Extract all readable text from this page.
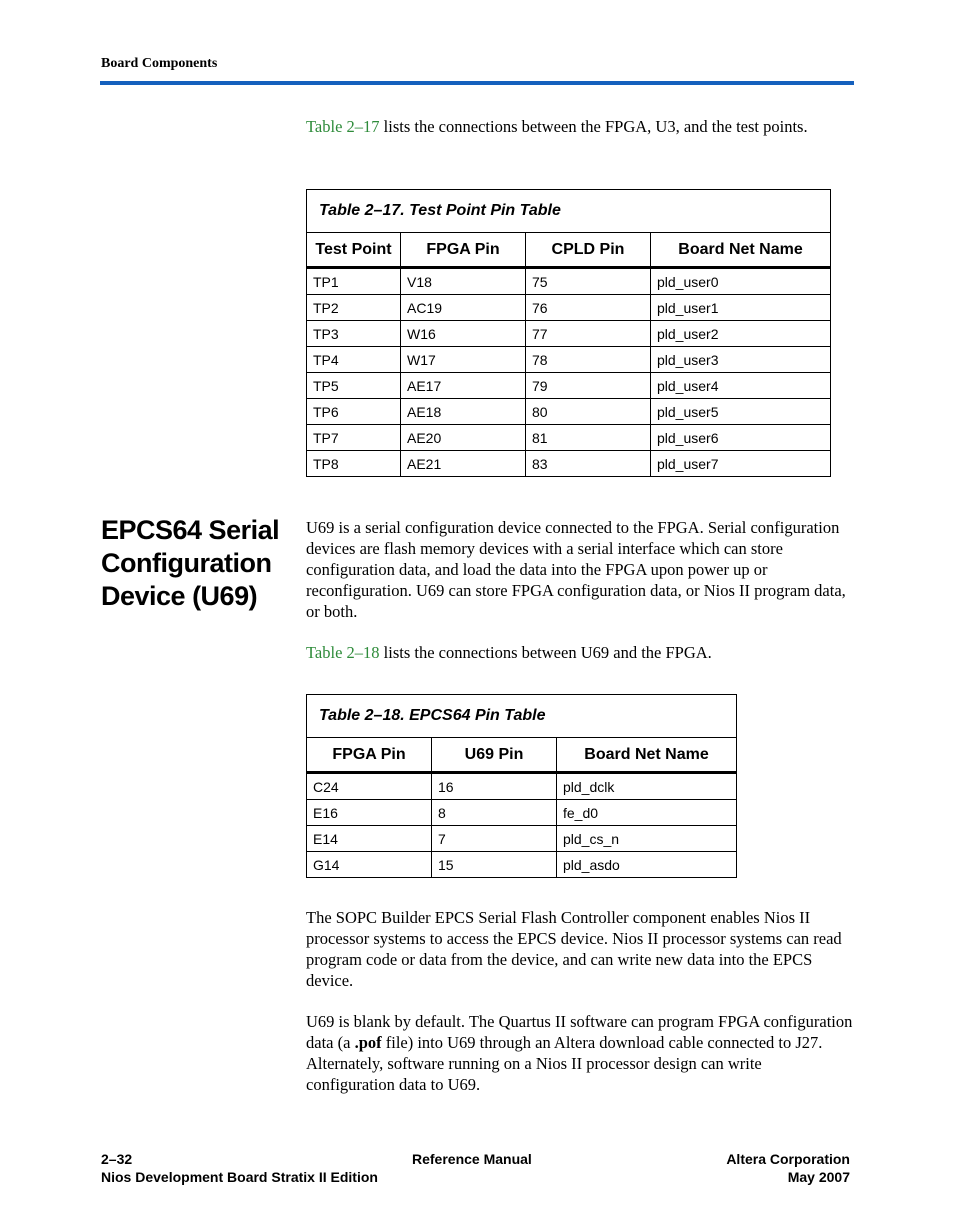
Board Components
Table 2–17 lists the connections between the FPGA, U3, and the test points.
Table 2–17. Test Point Pin Table			
Test Point	FPGA Pin	CPLD Pin	Board Net Name
TP1	V18	75	pld_user0
TP2	AC19	76	pld_user1
TP3	W16	77	pld_user2
TP4	W17	78	pld_user3
TP5	AE17	79	pld_user4
TP6	AE18	80	pld_user5
TP7	AE20	81	pld_user6
TP8	AE21	83	pld_user7
EPCS64 Serial
Configuration
Device (U69)
U69 is a serial configuration device connected to the FPGA. Serial configuration devices are flash memory devices with a serial interface which can store configuration data, and load the data into the FPGA upon power up or reconfiguration. U69 can store FPGA configuration data, or Nios II program data, or both.
Table 2–18 lists the connections between U69 and the FPGA.
Table 2–18. EPCS64 Pin Table		
FPGA Pin	U69 Pin	Board Net Name
C24	16	pld_dclk
E16	8	fe_d0
E14	7	pld_cs_n
G14	15	pld_asdo
The SOPC Builder EPCS Serial Flash Controller component enables Nios II processor systems to access the EPCS device. Nios II processor systems can read program code or data from the device, and can write new data into the EPCS device.
U69 is blank by default. The Quartus II software can program FPGA configuration data (a .pof file) into U69 through an Altera download cable connected to J27. Alternately, software running on a Nios II processor design can write configuration data to U69.
2–32
Nios Development Board Stratix II Edition
Reference Manual	Altera Corporation
May 2007
